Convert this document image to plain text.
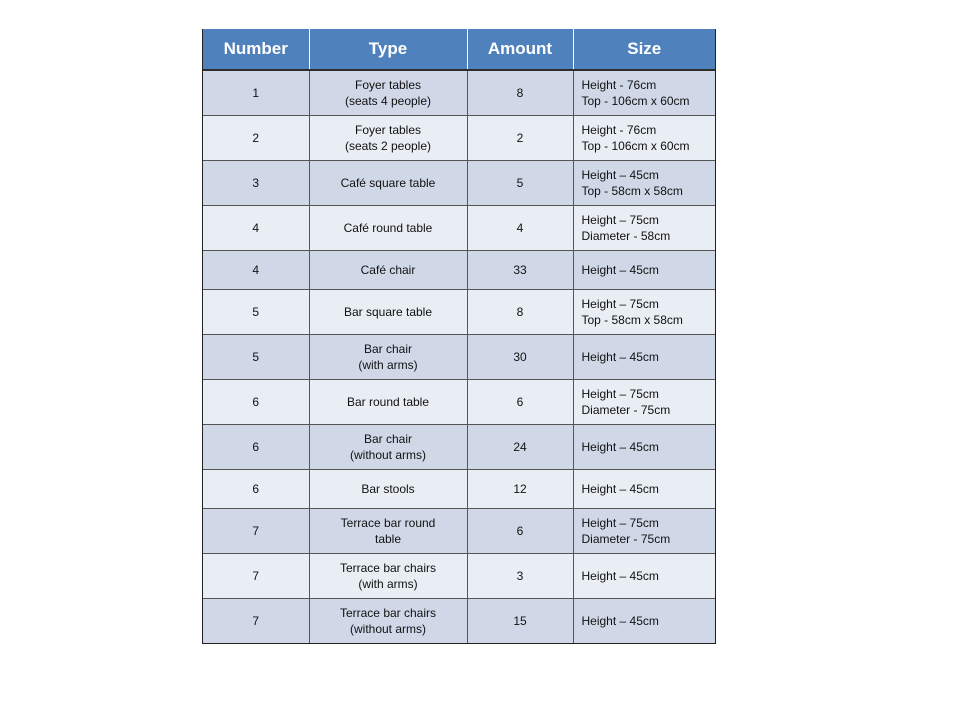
Number	Type	Amount	Size

1	Foyer tables
(seats 4 people)	8	Height - 76cm
Top - 106cm x 60cm

2	Foyer tables
(seats 2 people)	2	Height - 76cm
Top - 106cm x 60cm

3	Café square table	5	Height – 45cm
Top - 58cm x 58cm

4	Café round table	4	Height – 75cm
Diameter - 58cm

4	Café chair	33	Height – 45cm

5	Bar square table	8	Height – 75cm
Top - 58cm x 58cm

5	Bar chair
(with arms)	30	Height – 45cm

6	Bar round table	6	Height – 75cm
Diameter - 75cm

6	Bar chair
(without arms)	24	Height – 45cm

6	Bar stools	12	Height – 45cm

7	Terrace bar round
table	6	Height – 75cm
Diameter - 75cm

7	Terrace bar chairs
(with arms)	3	Height – 45cm

7	Terrace bar chairs
(without arms)	15	Height – 45cm
